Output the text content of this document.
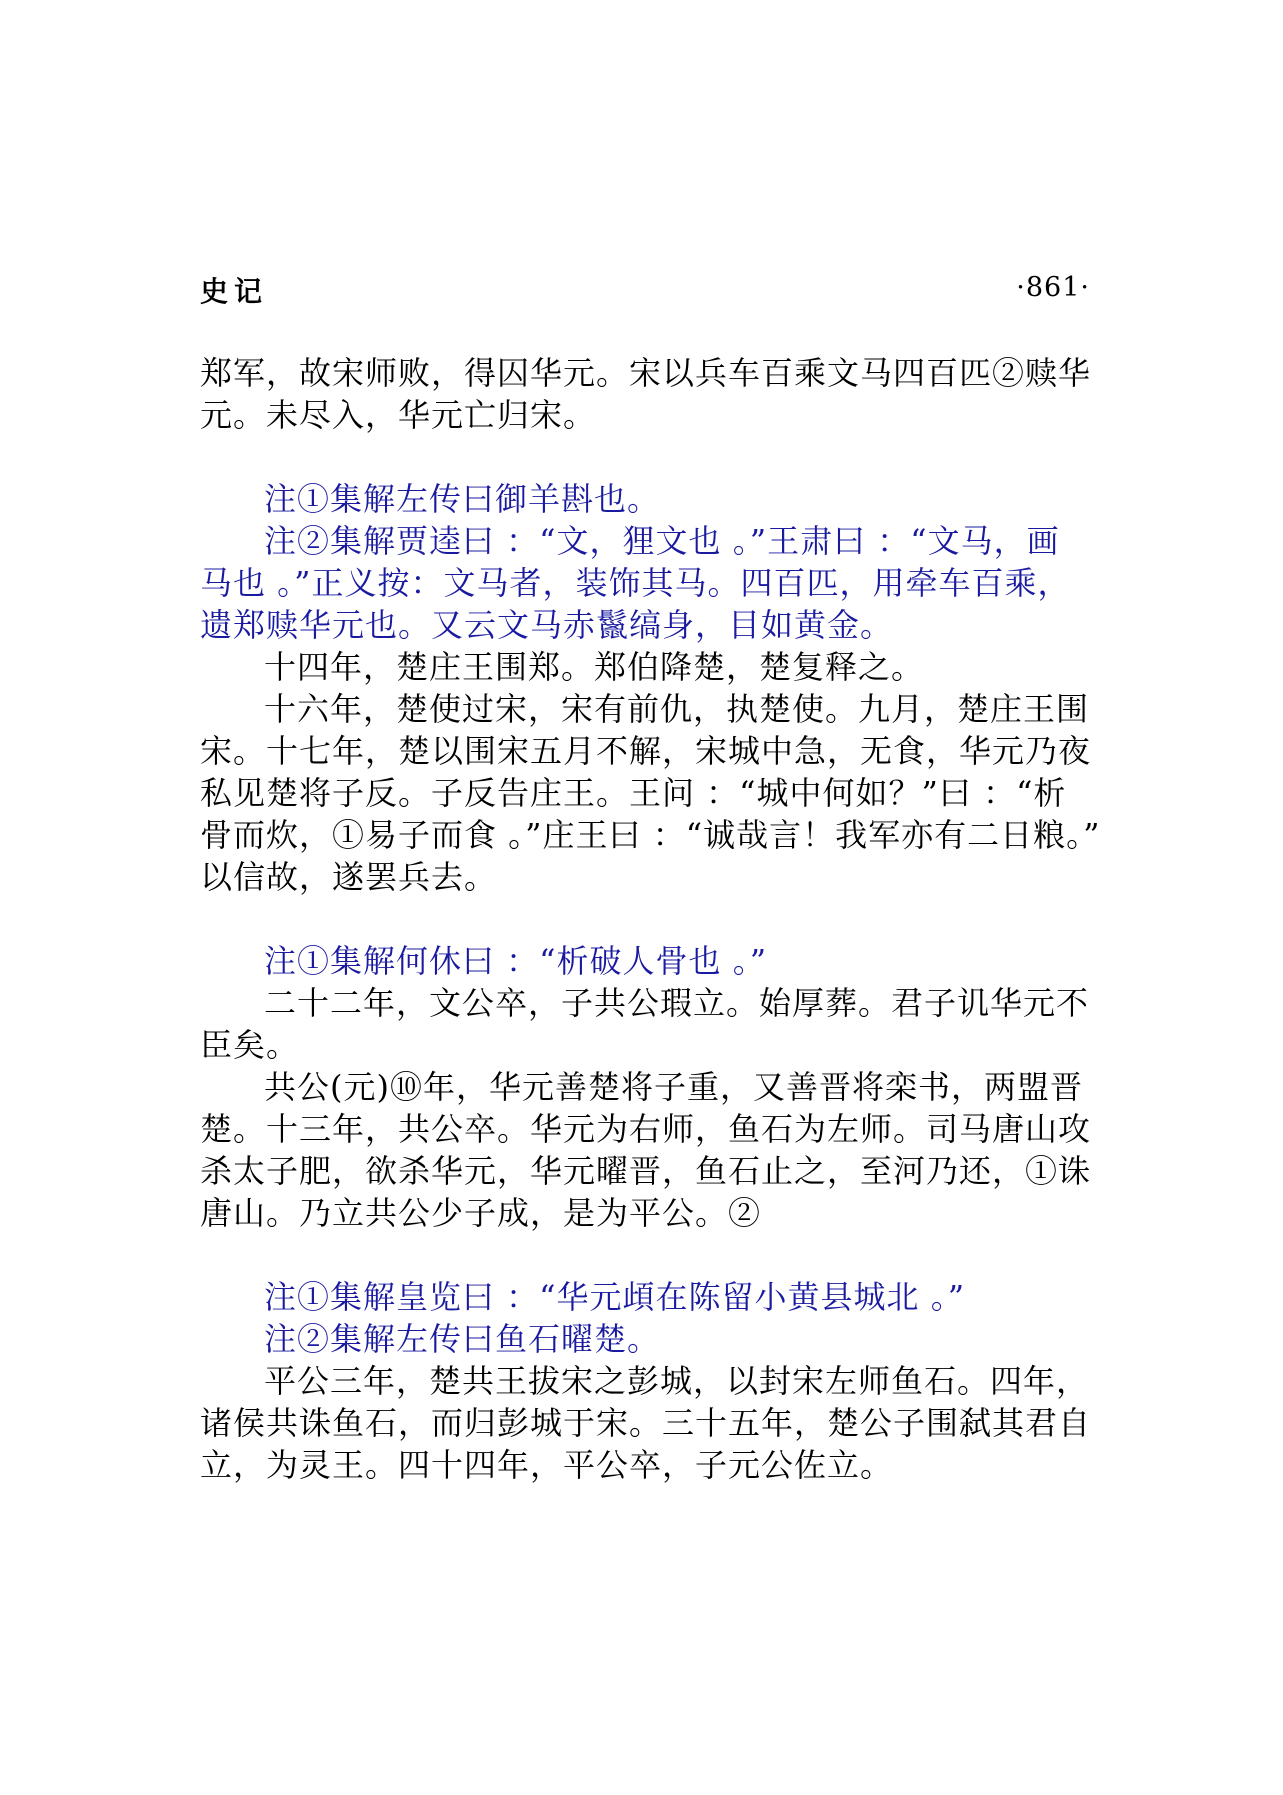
史记	·861·
郑军，故宋师败，得囚华元。宋以兵车百乘文马四百匹②赎华
元。未尽入，华元亡归宋。
注①集解左传曰御羊斟也。
注②集解贾逵曰 ：“文，狸文也 。”王肃曰 ：“文马，画
马也 。”正义按：文马者，装饰其马。四百匹，用牵车百乘，
遗郑赎华元也。又云文马赤鬣缟身，目如黄金。
十四年，楚庄王围郑。郑伯降楚，楚复释之。
十六年，楚使过宋，宋有前仇，执楚使。九月，楚庄王围
宋。十七年，楚以围宋五月不解，宋城中急，无食，华元乃夜
私见楚将子反。子反告庄王。王问 ：“城中何如？”曰 ：“析
骨而炊，①易子而食 。”庄王曰 ：“诚哉言！我军亦有二日粮。”
以信故，遂罢兵去。
注①集解何休曰 ：“析破人骨也 。”
二十二年，文公卒，子共公瑕立。始厚葬。君子讥华元不
臣矣。
共公(元)⑩年，华元善楚将子重，又善晋将栾书，两盟晋
楚。十三年，共公卒。华元为右师，鱼石为左师。司马唐山攻
杀太子肥，欲杀华元，华元曜晋，鱼石止之，至河乃还，①诛
唐山。乃立共公少子成，是为平公。②
注①集解皇览曰 ：“华元頉在陈留小黄县城北 。”
注②集解左传曰鱼石曜楚。
平公三年，楚共王拔宋之彭城，以封宋左师鱼石。四年，
诸侯共诛鱼石，而归彭城于宋。三十五年，楚公子围弑其君自
立，为灵王。四十四年，平公卒，子元公佐立。
